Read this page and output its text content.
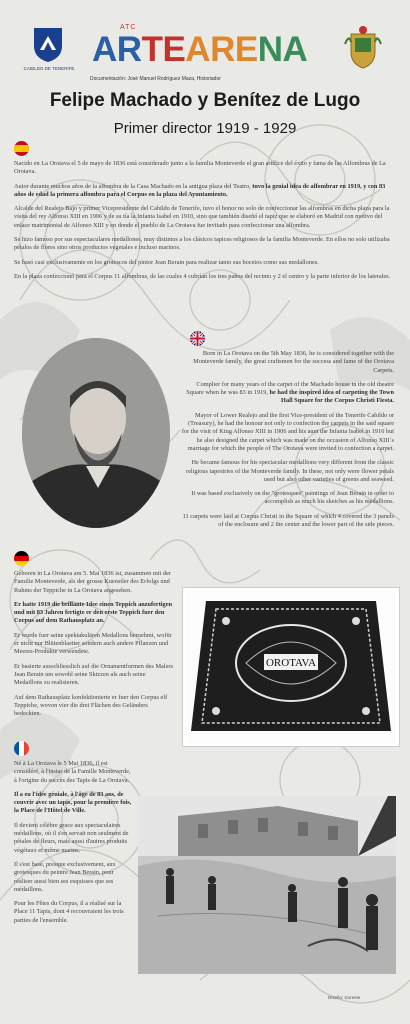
CABILDO DE TENERIFE
ATC
ARTEARENA
Documentación: José Manuel Rodríguez Maza, Historiador
Felipe Machado y Benítez de Lugo
Primer director 1919 - 1929

Nacido en La Orotava el 5 de mayo de 1836 está considerado junto a la familia Monteverde el gran artífice del éxito y fama de las Alfombras de La Orotava.

Autor durante muchos años de la alfombra de la Casa Machado en la antigua plaza del Teatro, tuvo la genial idea de alfombrar en 1919, y con 83 años de edad la primera alfombra para el Corpus en la plaza del Ayuntamiento.

Alcalde del Realejo Bajo y primer Vicepresidente del Cabildo de Tenerife, tuvo el honor no solo de confeccionar las alfombras en dicha plaza para la visita del rey Alfonso XIII en 1906 y de su tía la Infanta Isabel en 1910, sino que también diseñó el tapiz que se elaboró en Madrid con motivo del enlace matrimonial de Alfonso XIII y en donde el pueblo de La Orotava fue invitado para confeccionar una alfombra.

Se hizo famoso por sus espectaculares medallones, muy distintos a los clásicos tapices religiosos de la familia Monteverde. En ellos no solo utilizaba pétalos de flores sino otros productos vegetales e incluso marinos.

Se basó casi exclusivamente en los grotescos del pintor Jean Berain para realizar tanto sus bocetos como sus medallones.

En la plaza confeccionó para el Corpus 11 alfombras, de las cuales 4 cubrían los tres paños del recinto y 2 el centro y la parte inferior de los laterales.

Born in La Orotava on the 5th May 1836, he is considered together with the Monteverde family, the great craftsmen for the success and fame of the Orotava Carpets.

Complier for many years of the carpet of the Machado house in the old theatre Square when he was 83 in 1919, he had the inspired idea of carpeting the Town Hall Square for the Corpus Christi Fiesta.

Mayor of Lower Realejo and the first Vice-president of the Tenerife Cabildo or (Treasury), he had the honour not only to confection the carpets in the said square for the visit of King Alfonso XIII in 1906 and his aunt the Infanta Isabel in 1910 but he also designed the carpet which was made on the occasion of Alfonso XIII´s marriage for which the people of The Orotava were invited to confection a carpet.

He became famous for his spectacular medallions very different from the classic religious tapestries of the Monteverde family. In these, not only were flower petals used but also other varieties of greens and seaweed.

It was based exclusively on the "grotesques" paintings of Jean Berain in order to accomplish as much his sketches as his medallions.

11 carpets were laid at Corpus Christi in the Square of which 4 covered the 3 panels of the enclosure and 2 the center and the lower part of the side pieces.

Geboren in La Orotava am 5. Mai 1836 ist, zusammen mit der Familie Monteverde, als der grosse Kuenstler des Erfolgs und Ruhms der Teppiche in La Orotava angesehen.

Er hatte 1919 die brillante Idee einen Teppich anzufertigen und mit 83 Jahren fertigte er den erste Teppich fuer den Corpus auf dem Rathausplatz an.

Er wurde fuer seine spektakulären Medallons beruehmt, wofür er nicht nur Blütenblaetter sondern auch andere Pflanzen und Meeres-Produkte verwendete.

Er basierte ausschliesslich auf die Ornamentformen des Malers Jean Berain um sowohl seine Skizzen als auch seine Medaillons zu realisieren.

Auf dem Rathausplatz konfektionierte er fuer den Corpus elf Teppiche, wovon vier die drei Flächen des Geländers bedeckten.

OROTAVA

Né à La Orotava le 5 Mai 1836, il est considéré, à l'instar de la Famille Monteverde, à l'origine du succès des Tapis de La Orotava.

Il a eu l'idée géniale, à l'âge de 83 ans, de couvrir avec un tapis, pour la première fois, la Place de l'Hôtel de Ville.

Il devient célèbre grace aux spectaculaires médaillons, où il s'en servait non seulment de pétales de fleurs, mais aussi d'autres produits végétaux et même marins.

Il s'est basé, presque exclusivement, aux grotesques du peintre Jean Berain, pour réaliser aussi bien ses esquisses que ses médaillons.

Pour les Fêtes du Corpus, il a réalisé sur la Place 11 Tapis, dont 4 recouvraient les trois parties de l'ensemble.

Diseño: Doreste
